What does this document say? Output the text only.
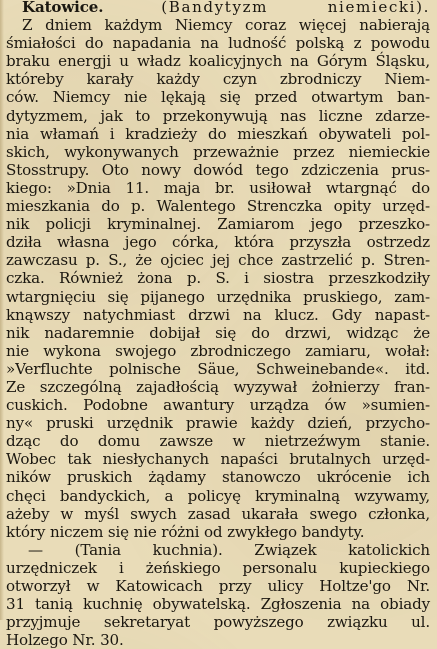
Katowice.	(Bandytyzm niemiecki).
Z dniem każdym Niemcy coraz więcej nabierają
śmiałości do napadania na ludność polską z powodu
braku energji u władz koalicyjnych na Górym Śląsku,
któreby karały każdy czyn zbrodniczy Niem-
ców. Niemcy nie lękają się przed otwartym ban-
dytyzmem, jak to przekonywują nas liczne zdarze-
nia włamań i kradzieży do mieszkań obywateli pol-
skich, wykonywanych przeważnie przez niemieckie
Stosstrupy. Oto nowy dowód tego zdziczenia prus-
kiego: »Dnia 11. maja br. usiłował wtargnąć do
mieszkania do p. Walentego Strenczka opity urzęd-
nik policji kryminalnej. Zamiarom jego przeszko-
dziła własna jego córka, która przyszła ostrzedz
zawczasu p. S., że ojciec jej chce zastrzelić p. Stren-
czka. Również żona p. S. i siostra przeszkodziły
wtargnięciu się pijanego urzędnika pruskiego, zam-
knąwszy natychmiast drzwi na klucz. Gdy napast-
nik nadaremnie dobijał się do drzwi, widząc że
nie wykona swojego zbrodniczego zamiaru, wołał:
»Verfluchte polnische Säue, Schweinebande«. itd.
Ze szczególną zajadłością wyzywał żołnierzy fran-
cuskich. Podobne awantury urządza ów »sumien-
ny« pruski urzędnik prawie każdy dzień, przycho-
dząc do domu zawsze w nietrzeźwym stanie.
Wobec tak niesłychanych napaści brutalnych urzęd-
ników pruskich żądamy stanowczo ukrócenie ich
chęci bandyckich, a policyę kryminalną wzywamy,
ażeby w myśl swych zasad ukarała swego członka,
który niczem się nie różni od zwykłego bandyty.
— (Tania kuchnia). Związek katolickich
urzędniczek i żeńskiego personalu kupieckiego
otworzył w Katowicach przy ulicy Holtze'go Nr.
31 tanią kuchnię obywatelską. Zgłoszenia na obiady
przyjmuje sekretaryat powyższego związku ul.
Holzego Nr. 30.
